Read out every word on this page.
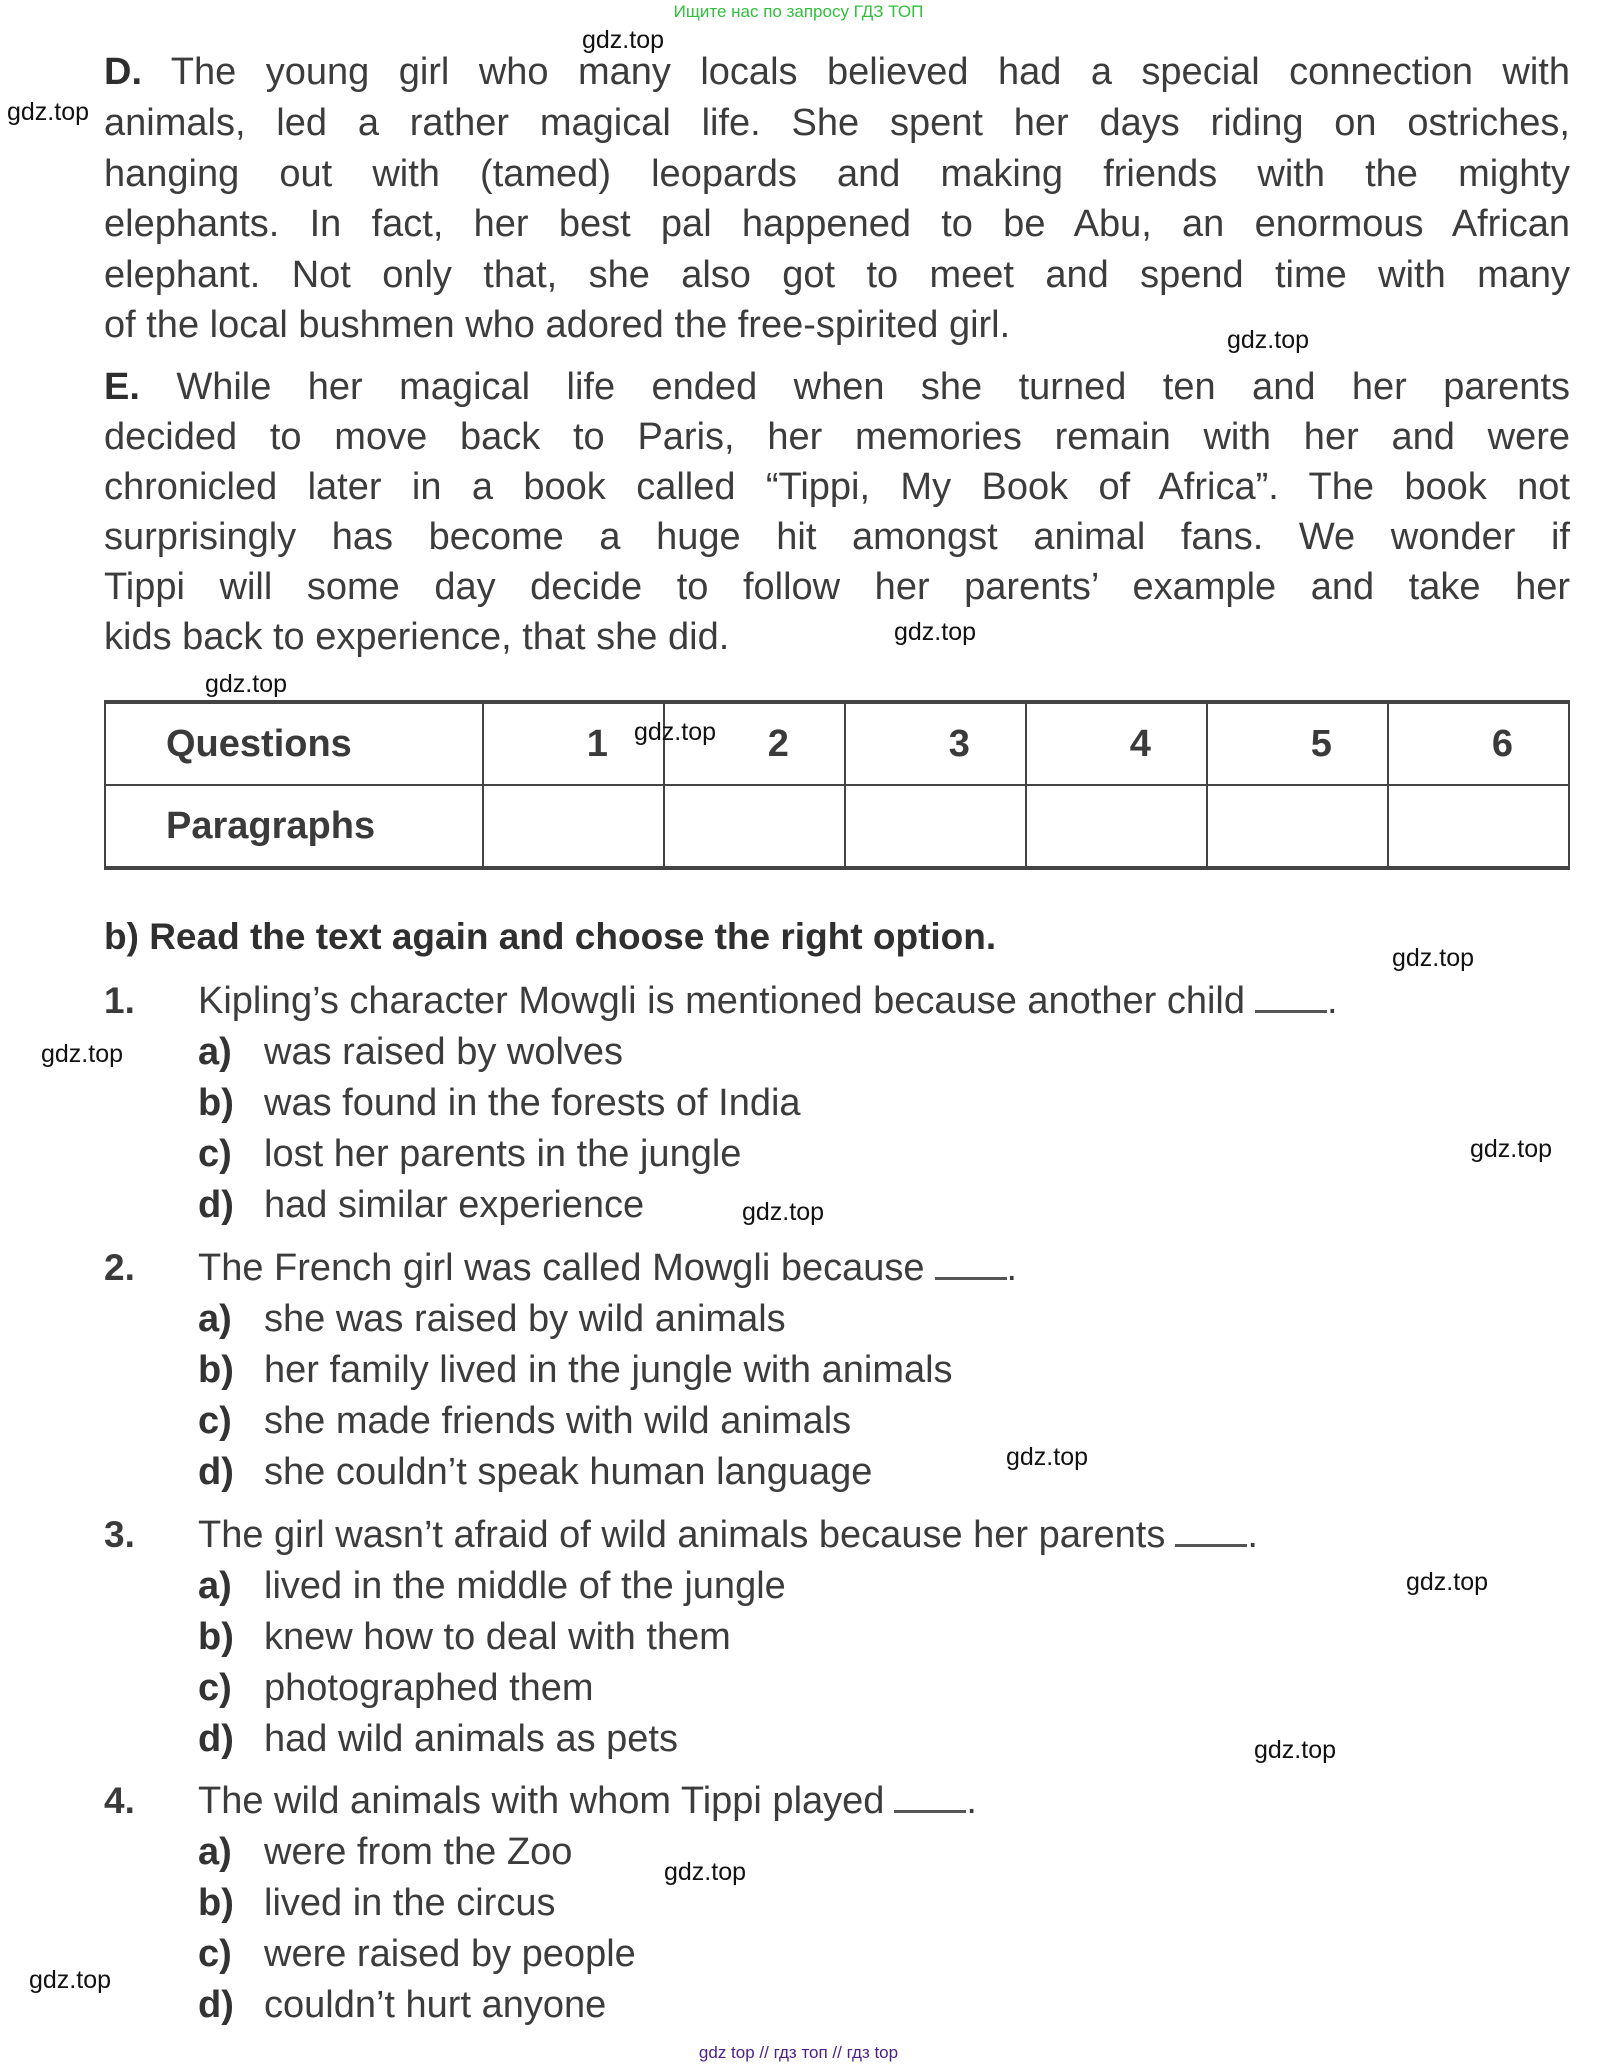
Ищите нас по запросу ГДЗ ТОП
D. The young girl who many locals believed had a special connection with
animals, led a rather magical life. She spent her days riding on ostriches,
hanging out with (tamed) leopards and making friends with the mighty
elephants. In fact, her best pal happened to be Abu, an enormous African
elephant. Not only that, she also got to meet and spend time with many
of the local bushmen who adored the free-spirited girl.
E. While her magical life ended when she turned ten and her parents
decided to move back to Paris, her memories remain with her and were
chronicled later in a book called “Tippi, My Book of Africa”. The book not
surprisingly has become a huge hit amongst animal fans. We wonder if
Tippi will some day decide to follow her parents’ example and take her
kids back to experience, that she did.
Questions	1	2	3	4	5	6
Paragraphs						
b) Read the text again and choose the right option.
1. Kipling’s character Mowgli is mentioned because another child .
a) was raised by wolves
b) was found in the forests of India
c) lost her parents in the jungle
d) had similar experience
2. The French girl was called Mowgli because .
a) she was raised by wild animals
b) her family lived in the jungle with animals
c) she made friends with wild animals
d) she couldn’t speak human language
3. The girl wasn’t afraid of wild animals because her parents .
a) lived in the middle of the jungle
b) knew how to deal with them
c) photographed them
d) had wild animals as pets
4. The wild animals with whom Tippi played .
a) were from the Zoo
b) lived in the circus
c) were raised by people
d) couldn’t hurt anyone
gdz.top
gdz.top
gdz.top
gdz.top
gdz.top
gdz.top
gdz.top
gdz.top
gdz.top
gdz.top
gdz.top
gdz.top
gdz.top
gdz.top
gdz.top
gdz top // гдз топ // гдз top
